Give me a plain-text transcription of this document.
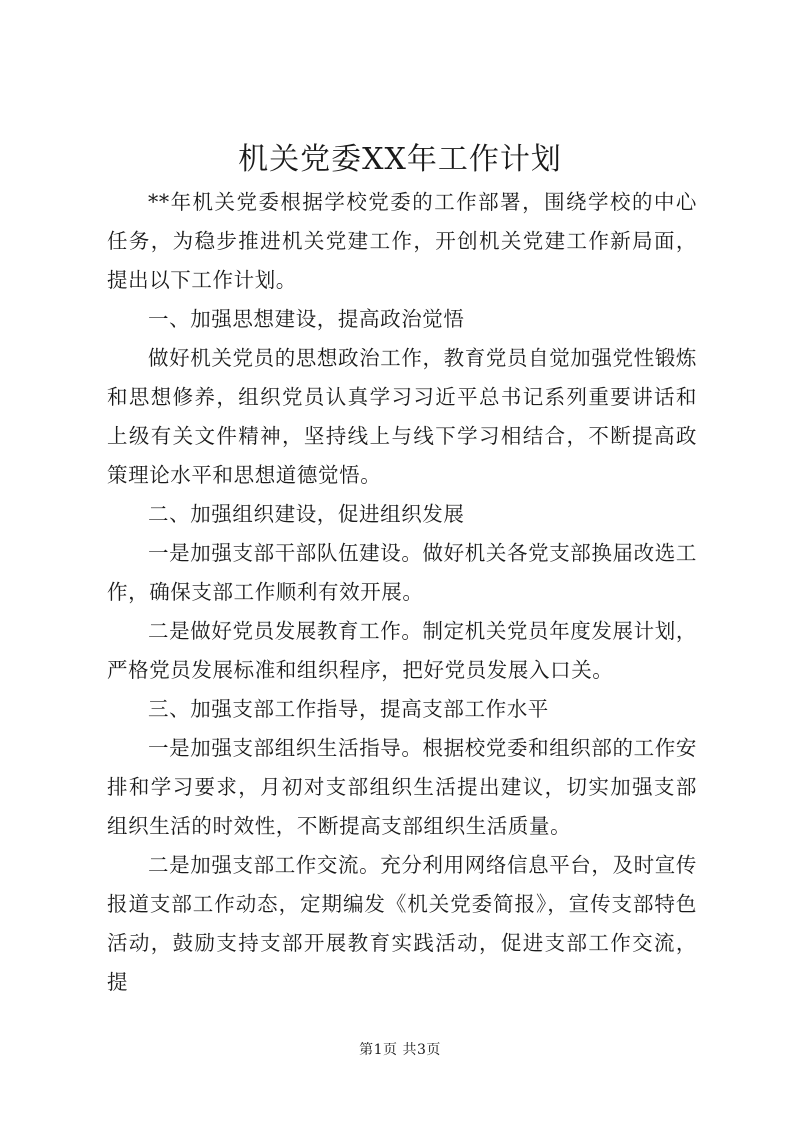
机关党委XX年工作计划

**年机关党委根据学校党委的工作部署，围绕学校的中心任务，为稳步推进机关党建工作，开创机关党建工作新局面，提出以下工作计划。

一、加强思想建设，提高政治觉悟

做好机关党员的思想政治工作，教育党员自觉加强党性锻炼和思想修养，组织党员认真学习习近平总书记系列重要讲话和上级有关文件精神，坚持线上与线下学习相结合，不断提高政策理论水平和思想道德觉悟。

二、加强组织建设，促进组织发展

一是加强支部干部队伍建设。做好机关各党支部换届改选工作，确保支部工作顺利有效开展。

二是做好党员发展教育工作。制定机关党员年度发展计划，严格党员发展标准和组织程序，把好党员发展入口关。

三、加强支部工作指导，提高支部工作水平

一是加强支部组织生活指导。根据校党委和组织部的工作安排和学习要求，月初对支部组织生活提出建议，切实加强支部组织生活的时效性，不断提高支部组织生活质量。

二是加强支部工作交流。充分利用网络信息平台，及时宣传报道支部工作动态，定期编发《机关党委简报》，宣传支部特色活动，鼓励支持支部开展教育实践活动，促进支部工作交流，提

第1页 共3页
